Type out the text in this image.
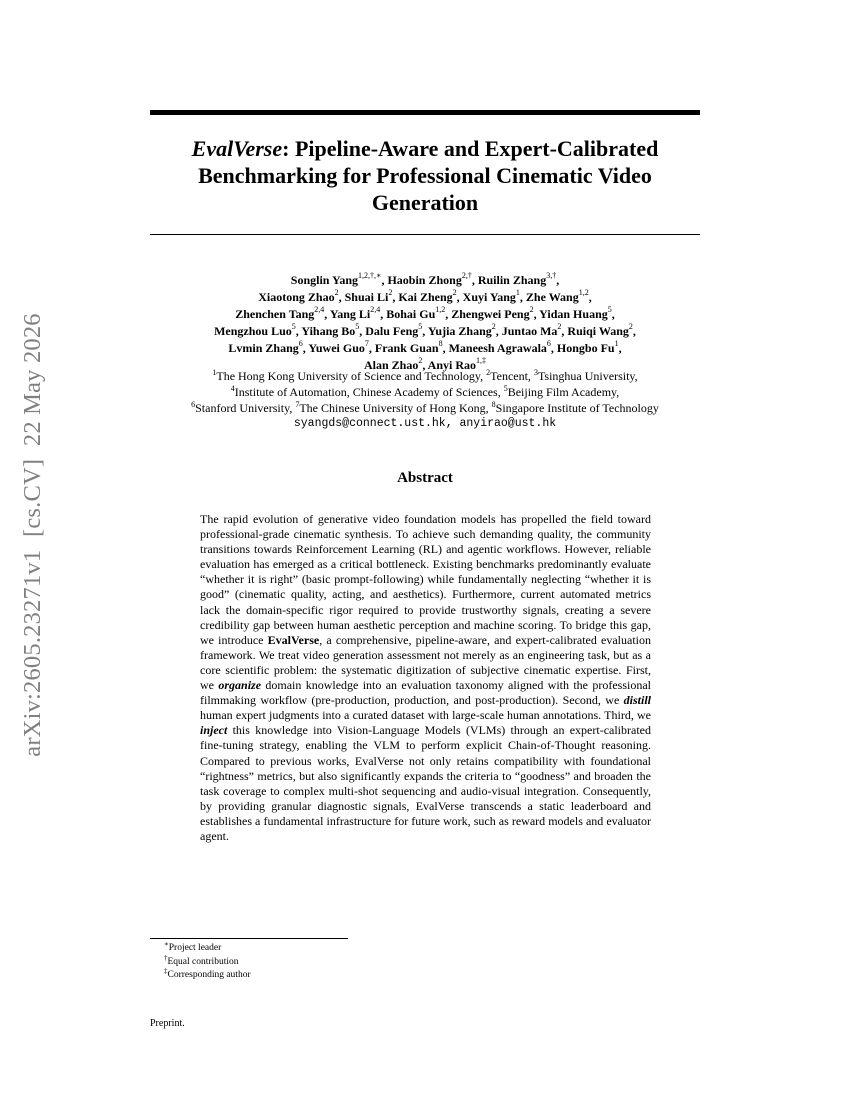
arXiv:2605.23271v1  [cs.CV]  22 May 2026
EvalVerse: Pipeline-Aware and Expert-Calibrated Benchmarking for Professional Cinematic Video Generation
Songlin Yang$^{1,2,\dagger,∗}$, Haobin Zhong$^{2,\dagger}$, Ruilin Zhang$^{3,\dagger}$,
Xiaotong Zhao$^2$, Shuai Li$^2$, Kai Zheng$^2$, Xuyi Yang$^1$, Zhe Wang$^{1,2}$,
Zhenchen Tang$^{2,4}$, Yang Li$^{2,4}$, Bohai Gu$^{1,2}$, Zhengwei Peng$^2$, Yidan Huang$^5$,
Mengzhou Luo$^5$, Yihang Bo$^5$, Dalu Feng$^5$, Yujia Zhang$^2$, Juntao Ma$^2$, Ruiqi Wang$^2$,
Lvmin Zhang$^6$, Yuwei Guo$^7$, Frank Guan$^8$, Maneesh Agrawala$^6$, Hongbo Fu$^1$,
Alan Zhao$^2$, Anyi Rao$^{1,\ddagger}$
$^1$The Hong Kong University of Science and Technology, $^2$Tencent, $^3$Tsinghua University,
$^4$Institute of Automation, Chinese Academy of Sciences, $^5$Beijing Film Academy,
$^6$Stanford University, $^7$The Chinese University of Hong Kong, $^8$Singapore Institute of Technology
syangds@connect.ust.hk, anyirao@ust.hk
Abstract
The rapid evolution of generative video foundation models has propelled the field toward professional-grade cinematic synthesis. To achieve such demanding quality, the community transitions towards Reinforcement Learning (RL) and agentic workflows. However, reliable evaluation has emerged as a critical bottleneck. Existing benchmarks predominantly evaluate “whether it is right” (basic prompt-following) while fundamentally neglecting “whether it is good” (cinematic quality, acting, and aesthetics). Furthermore, current automated metrics lack the domain-specific rigor required to provide trustworthy signals, creating a severe credibility gap between human aesthetic perception and machine scoring. To bridge this gap, we introduce EvalVerse, a comprehensive, pipeline-aware, and expert-calibrated evaluation framework. We treat video generation assessment not merely as an engineering task, but as a core scientific problem: the systematic digitization of subjective cinematic expertise. First, we organize domain knowledge into an evaluation taxonomy aligned with the professional filmmaking workflow (pre-production, production, and post-production). Second, we distill human expert judgments into a curated dataset with large-scale human annotations. Third, we inject this knowledge into Vision-Language Models (VLMs) through an expert-calibrated fine-tuning strategy, enabling the VLM to perform explicit Chain-of-Thought reasoning. Compared to previous works, EvalVerse not only retains compatibility with foundational “rightness” metrics, but also significantly expands the criteria to “goodness” and broaden the task coverage to complex multi-shot sequencing and audio-visual integration. Consequently, by providing granular diagnostic signals, EvalVerse transcends a static leaderboard and establishes a fundamental infrastructure for future work, such as reward models and evaluator agent.
∗Project leader
†Equal contribution
‡Corresponding author
Preprint.
